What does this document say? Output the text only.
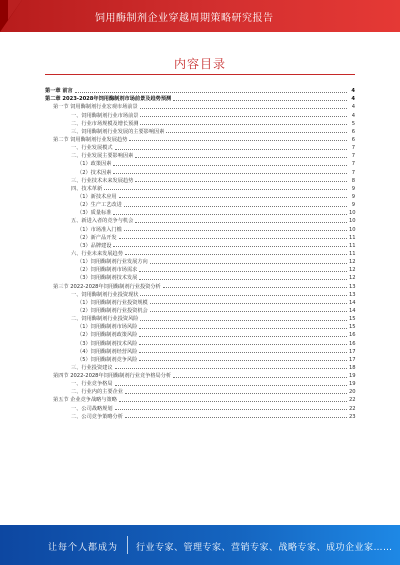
饲用酶制剂企业穿越周期策略研究报告
内容目录
第一章 前言	4
第二章 2023-2028年饲用酶制剂市场前景及趋势预测	4
第一节 饲用酶制剂行业宏观市场前景	4
一、饲用酶制剂行业市场前景	4
二、行业市场规模及增长预测	5
三、饲用酶制剂行业发展的主要影响因素	6
第二节 饲用酶制剂行业发展趋势	6
一、行业发展模式	7
二、行业发展主要影响因素	7
（1）政策因素	7
（2）技术因素	7
三、行业技术未来发展趋势	8
四、技术革新	9
（1）新技术应用	9
（2）生产工艺改进	9
（3）质量标准	10
五、新进入者的竞争与机会	10
（1）市场准入门槛	10
（2）新产品开发	11
（3）品牌建设	11
六、行业未来发展趋势	11
（1）饲用酶制剂行业发展方向	12
（2）饲用酶制剂市场需求	12
（3）饲用酶制剂技术发展	12
第三节 2022-2028年饲用酶制剂行业投资分析	13
一、饲用酶制剂行业投资现状	13
（1）饲用酶制剂行业投资规模	14
（2）饲用酶制剂行业投资机会	14
二、饲用酶制剂行业投资风险	15
（1）饲用酶制剂市场风险	15
（2）饲用酶制剂政策风险	16
（3）饲用酶制剂技术风险	16
（4）饲用酶制剂经营风险	17
（5）饲用酶制剂竞争风险	17
三、行业投资建议	18
第四节 2022-2028年饲用酶制剂行业竞争格局分析	19
一、行业竞争格局	19
二、行业内的主要企业	20
第五节 企业竞争战略与策略	22
一、公司战略规划	22
二、公司竞争策略分析	23
让每个人都成为 行业专家、管理专家、营销专家、战略专家、成功企业家……
